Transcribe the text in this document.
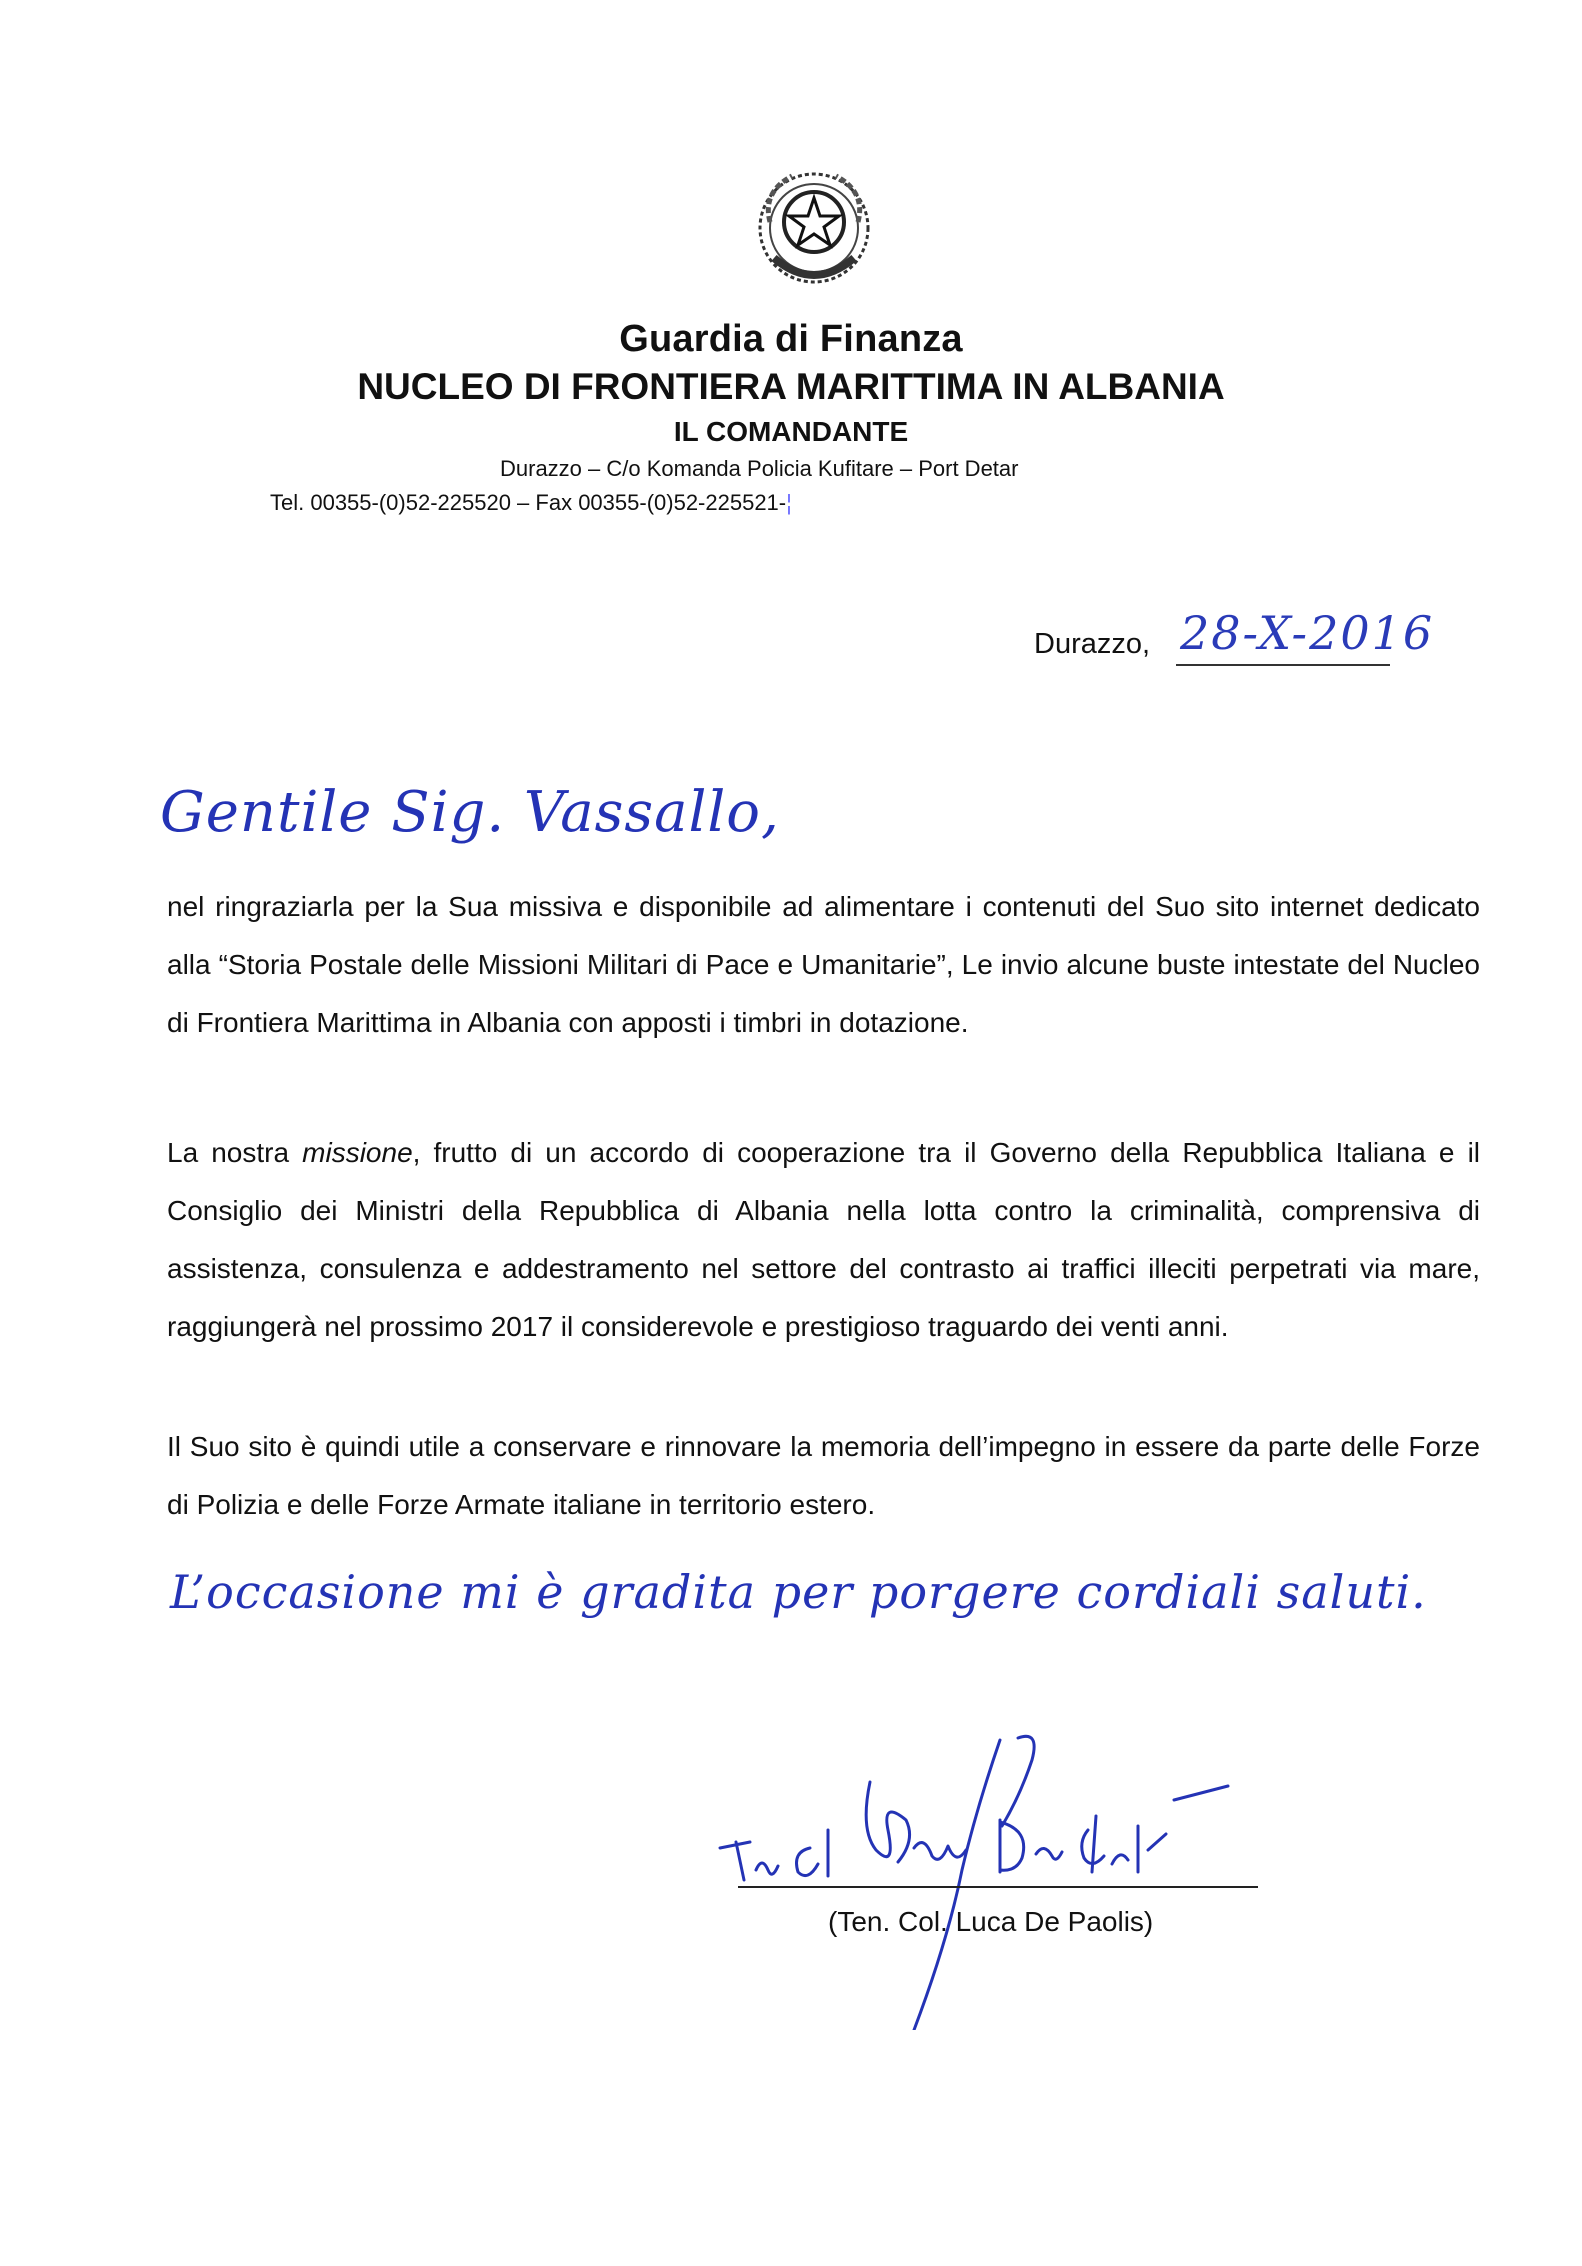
Guardia di Finanza
NUCLEO DI FRONTIERA MARITTIMA IN ALBANIA
IL COMANDANTE
Durazzo – C/o Komanda Policia Kufitare – Port Detar
Tel. 00355-(0)52-225520 – Fax 00355-(0)52-225521-¦
Durazzo, 28-X-2016
Gentile Sig. Vassallo,

nel ringraziarla per la Sua missiva e disponibile ad alimentare i contenuti del Suo sito internet dedicato alla “Storia Postale delle Missioni Militari di Pace e Umanitarie”, Le invio alcune buste intestate del Nucleo di Frontiera Marittima in Albania con apposti i timbri in dotazione.

La nostra missione, frutto di un accordo di cooperazione tra il Governo della Repubblica Italiana e il Consiglio dei Ministri della Repubblica di Albania nella lotta contro la criminalità, comprensiva di assistenza, consulenza e addestramento nel settore del contrasto ai traffici illeciti perpetrati via mare, raggiungerà nel prossimo 2017 il considerevole e prestigioso traguardo dei venti anni.

Il Suo sito è quindi utile a conservare e rinnovare la memoria dell’impegno in essere da parte delle Forze di Polizia e delle Forze Armate italiane in territorio estero.

L’occasione mi è gradita per porgere cordiali saluti.
(Ten. Col. Luca De Paolis)
